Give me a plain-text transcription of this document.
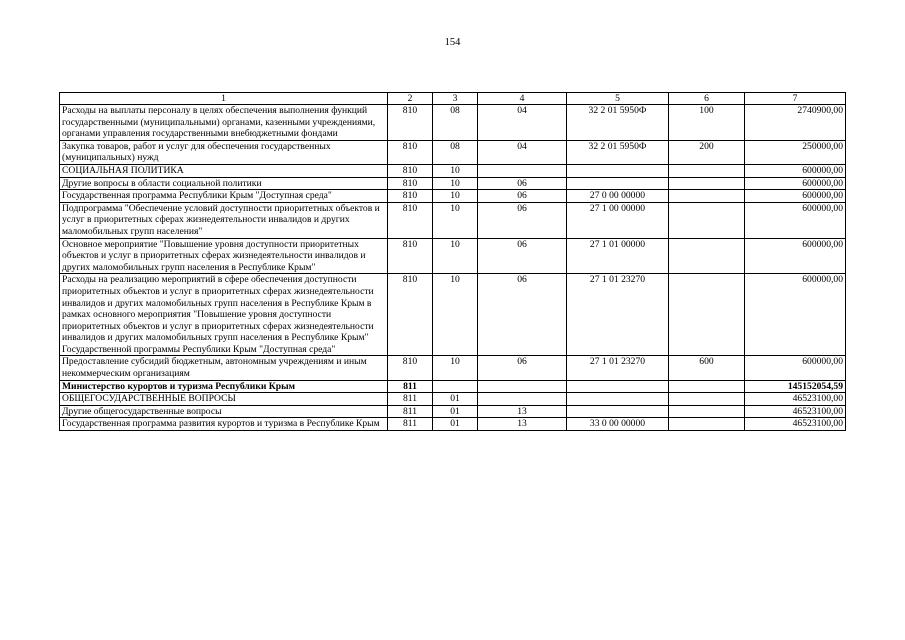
154
1	2	3	4	5	6	7
Расходы на выплаты персоналу в целях обеспечения выполнения функций государственными (муниципальными) органами, казенными учреждениями, органами управления государственными внебюджетными фондами	810	08	04	32 2 01 5950Ф	100	2740900,00
Закупка товаров, работ и услуг для обеспечения государственных (муниципальных) нужд	810	08	04	32 2 01 5950Ф	200	250000,00
СОЦИАЛЬНАЯ ПОЛИТИКА	810	10				600000,00
Другие вопросы в области социальной политики	810	10	06			600000,00
Государственная программа Республики Крым "Доступная среда"	810	10	06	27 0 00 00000		600000,00
Подпрограмма "Обеспечение условий доступности приоритетных объектов и услуг в приоритетных сферах жизнедеятельности инвалидов и других маломобильных групп населения"	810	10	06	27 1 00 00000		600000,00
Основное мероприятие "Повышение уровня доступности приоритетных объектов и услуг в приоритетных сферах жизнедеятельности инвалидов и других маломобильных групп населения в Республике Крым"	810	10	06	27 1 01 00000		600000,00
Расходы на реализацию мероприятий в сфере обеспечения доступности приоритетных объектов и услуг в приоритетных сферах жизнедеятельности инвалидов и других маломобильных групп населения в Республике Крым в рамках основного мероприятия "Повышение уровня доступности приоритетных объектов и услуг в приоритетных сферах жизнедеятельности инвалидов и других маломобильных групп населения в Республике Крым" Государственной программы Республики Крым "Доступная среда"	810	10	06	27 1 01 23270		600000,00
Предоставление субсидий бюджетным, автономным учреждениям и иным некоммерческим организациям	810	10	06	27 1 01 23270	600	600000,00
Министерство курортов и туризма Республики Крым	811					145152054,59
ОБЩЕГОСУДАРСТВЕННЫЕ ВОПРОСЫ	811	01				46523100,00
Другие общегосударственные вопросы	811	01	13			46523100,00
Государственная программа развития курортов и туризма в Республике Крым	811	01	13	33 0 00 00000		46523100,00
